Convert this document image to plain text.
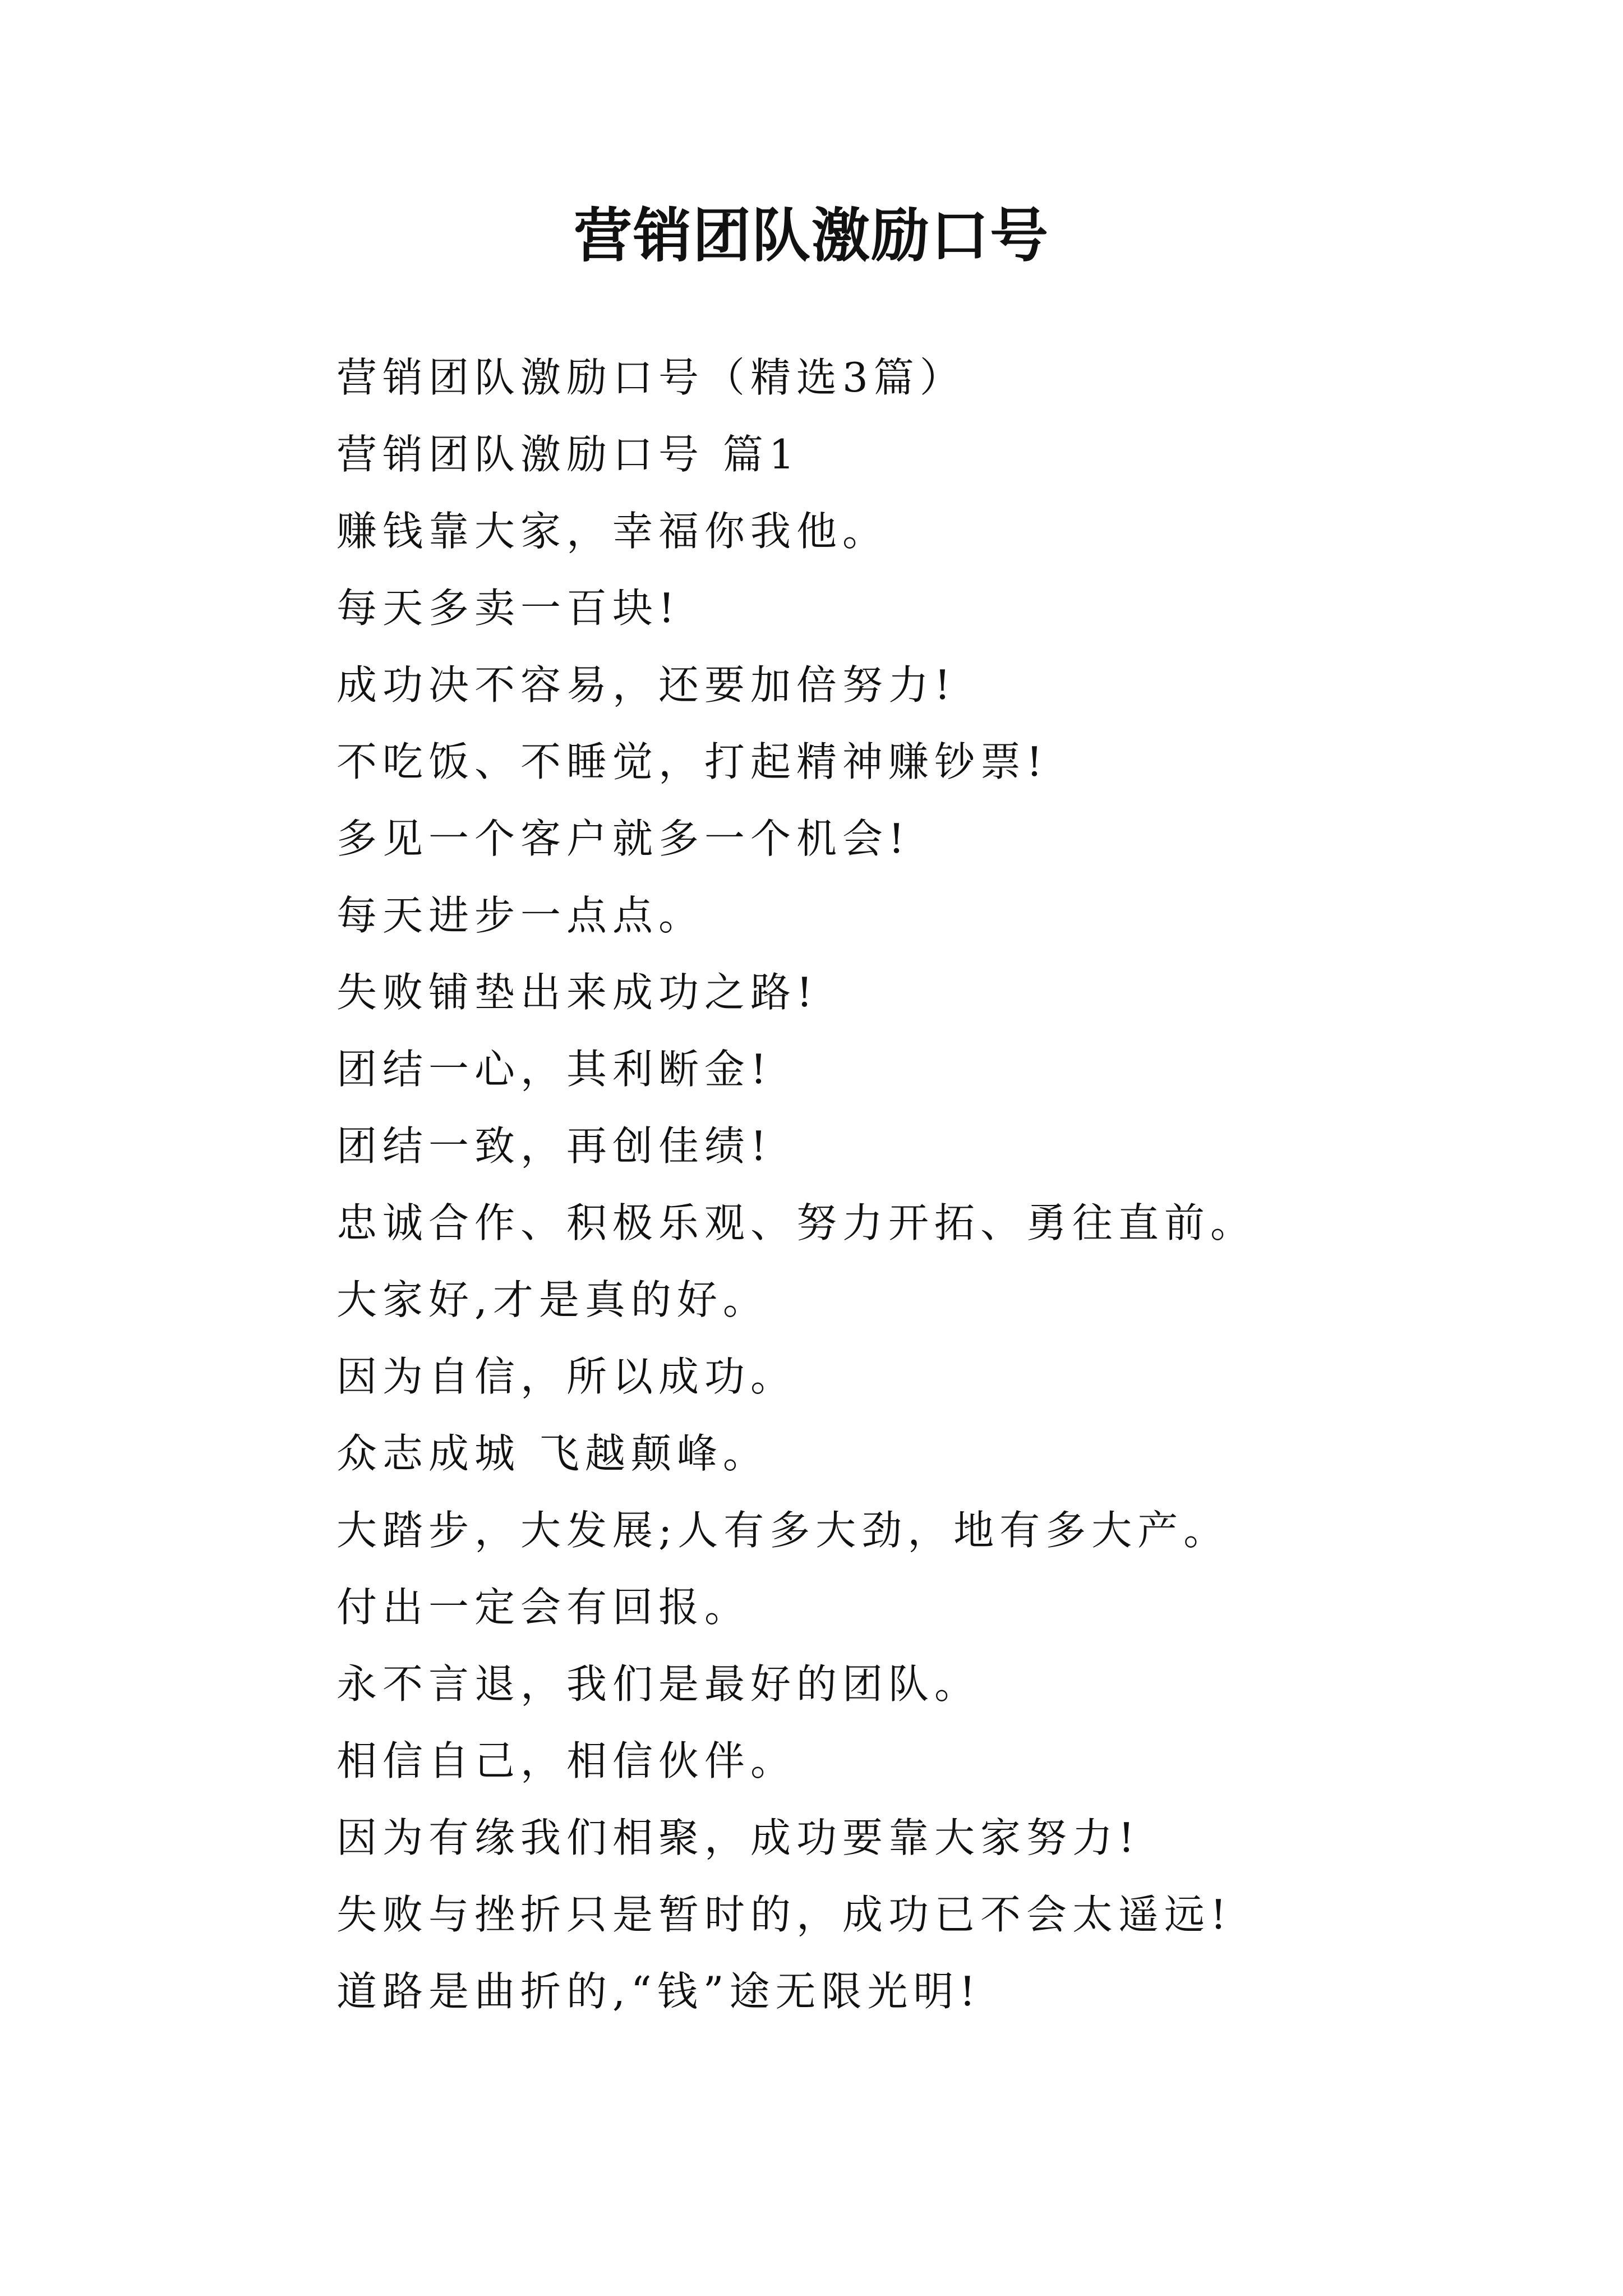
营销团队激励口号
营销团队激励口号（精选3篇）
营销团队激励口号 篇1
赚钱靠大家，幸福你我他。
每天多卖一百块!
成功决不容易，还要加倍努力!
不吃饭、不睡觉，打起精神赚钞票!
多见一个客户就多一个机会!
每天进步一点点。
失败铺垫出来成功之路!
团结一心，其利断金!
团结一致，再创佳绩!
忠诚合作、积极乐观、努力开拓、勇往直前。
大家好,才是真的好。
因为自信，所以成功。
众志成城 飞越颠峰。
大踏步，大发展;人有多大劲，地有多大产。
付出一定会有回报。
永不言退，我们是最好的团队。
相信自己，相信伙伴。
因为有缘我们相聚，成功要靠大家努力!
失败与挫折只是暂时的，成功已不会太遥远!
道路是曲折的,“钱”途无限光明!
